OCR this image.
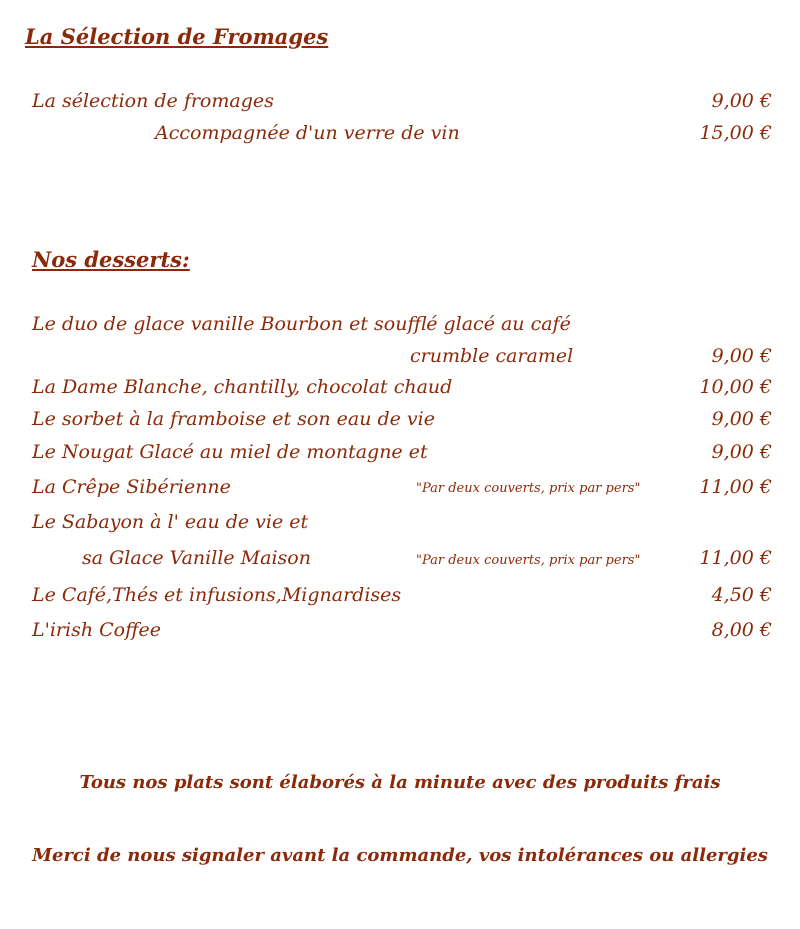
La Sélection de Fromages
La sélection de fromages	9,00 €
Accompagnée d'un verre de vin	15,00 €
Nos desserts:
Le duo de glace vanille Bourbon et soufflé glacé au café
crumble caramel	9,00 €
La Dame Blanche, chantilly, chocolat chaud	10,00 €
Le sorbet à la framboise et son eau de vie	9,00 €
Le Nougat Glacé au miel de montagne et	9,00 €
La Crêpe Sibérienne	"Par deux couverts, prix par pers"	11,00 €
Le Sabayon à l' eau de vie et
sa Glace Vanille Maison	"Par deux couverts, prix par pers"	11,00 €
Le Café,Thés et infusions,Mignardises	4,50 €
L'irish Coffee	8,00 €
Tous nos plats sont élaborés à la minute avec des produits frais
Merci de nous signaler avant la commande, vos intolérances ou allergies
